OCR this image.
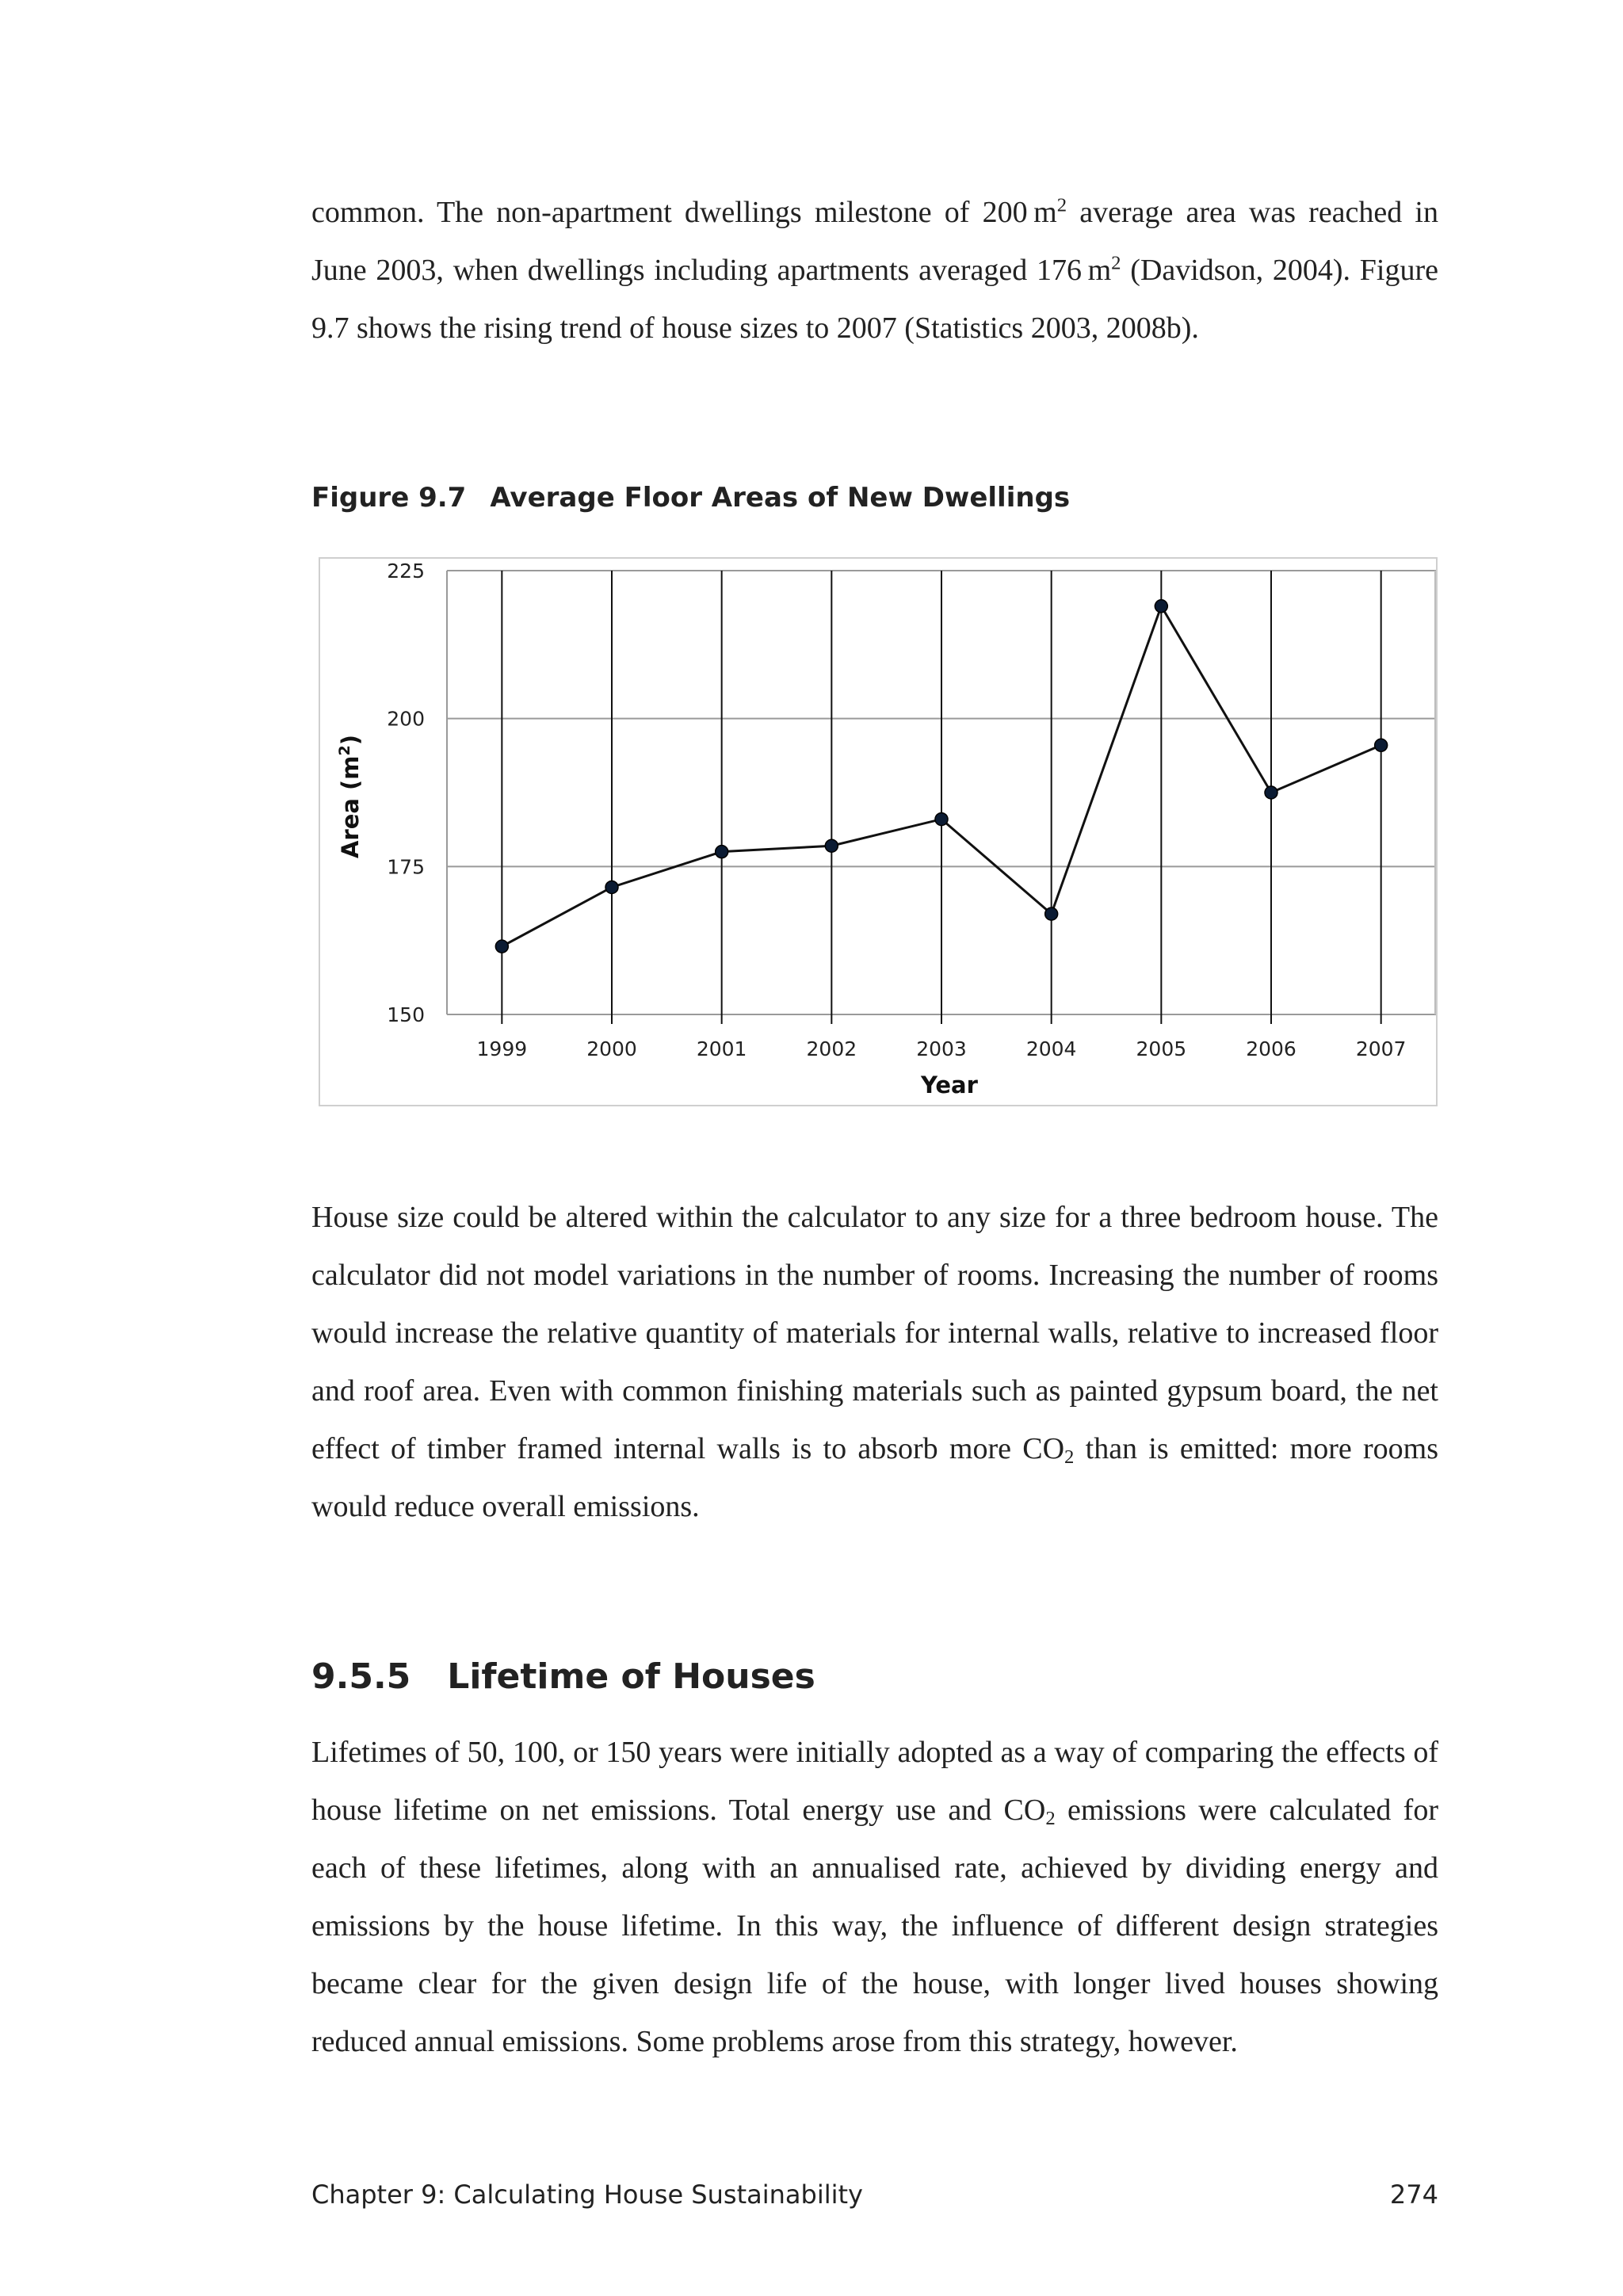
common. The non-apartment dwellings milestone of 200  $m^2$ average area was reached in June 2003, when dwellings including apartments averaged 176  $m^2$ (Davidson, 2004). Figure 9.7 shows the rising trend of house sizes to 2007 (Statistics 2003, 2008b).

Figure 9.7 Average Floor Areas of New Dwellings
150
175
200
225
1999	2000	2001	2002	2003	2004	2005	2006	2007
Area $(m^2)$
Year

House size could be altered within the calculator to any size for a three bedroom house. The calculator did not model variations in the number of rooms. Increasing the number of rooms would increase the relative quantity of materials for internal walls, relative to increased floor and roof area. Even with common finishing materials such as painted gypsum board, the net effect of timber framed internal walls is to absorb more $CO_2$ than is emitted: more rooms would reduce overall emissions.

9.5.5 Lifetime of Houses

Lifetimes of 50, 100, or 150 years were initially adopted as a way of comparing the effects of house lifetime on net emissions. Total energy use and $CO_2$ emissions were calculated for each of these lifetimes, along with an annualised rate, achieved by dividing energy and emissions by the house lifetime. In this way, the influence of different design strategies became clear for the given design life of the house, with longer lived houses showing reduced annual emissions. Some problems arose from this strategy, however.

Chapter 9: Calculating House Sustainability	274
